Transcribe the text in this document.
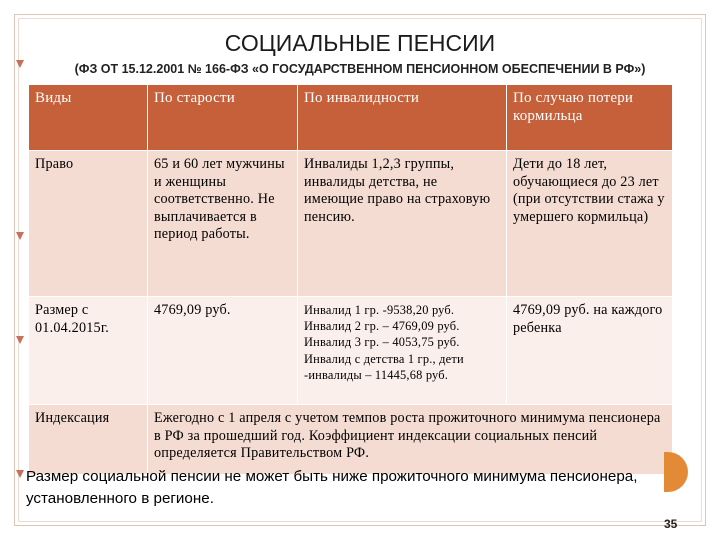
СОЦИАЛЬНЫЕ ПЕНСИИ
(ФЗ ОТ 15.12.2001 № 166-ФЗ «О ГОСУДАРСТВЕННОМ ПЕНСИОННОМ ОБЕСПЕЧЕНИИ В РФ»)
Виды	По старости	По инвалидности	По случаю потери кормильца
Право	65 и 60 лет мужчины и женщины соответственно. Не выплачивается в период работы.	Инвалиды 1,2,3 группы, инвалиды детства, не имеющие право на страховую пенсию.	Дети до 18 лет, обучающиеся до 23 лет (при отсутствии стажа у умершего кормильца)
Размер с 01.04.2015г.	4769,09 руб.	Инвалид 1 гр. -9538,20 руб. Инвалид 2 гр. – 4769,09 руб. Инвалид 3 гр. – 4053,75 руб. Инвалид с детства 1 гр., дети -инвалиды – 11445,68 руб.	4769,09 руб. на каждого ребенка
Индексация	Ежегодно с 1 апреля с учетом темпов роста прожиточного минимума пенсионера в РФ за прошедший год. Коэффициент индексации социальных пенсий определяется Правительством РФ.		
Размер социальной пенсии не может быть ниже прожиточного минимума пенсионера, установленного в регионе.
35
